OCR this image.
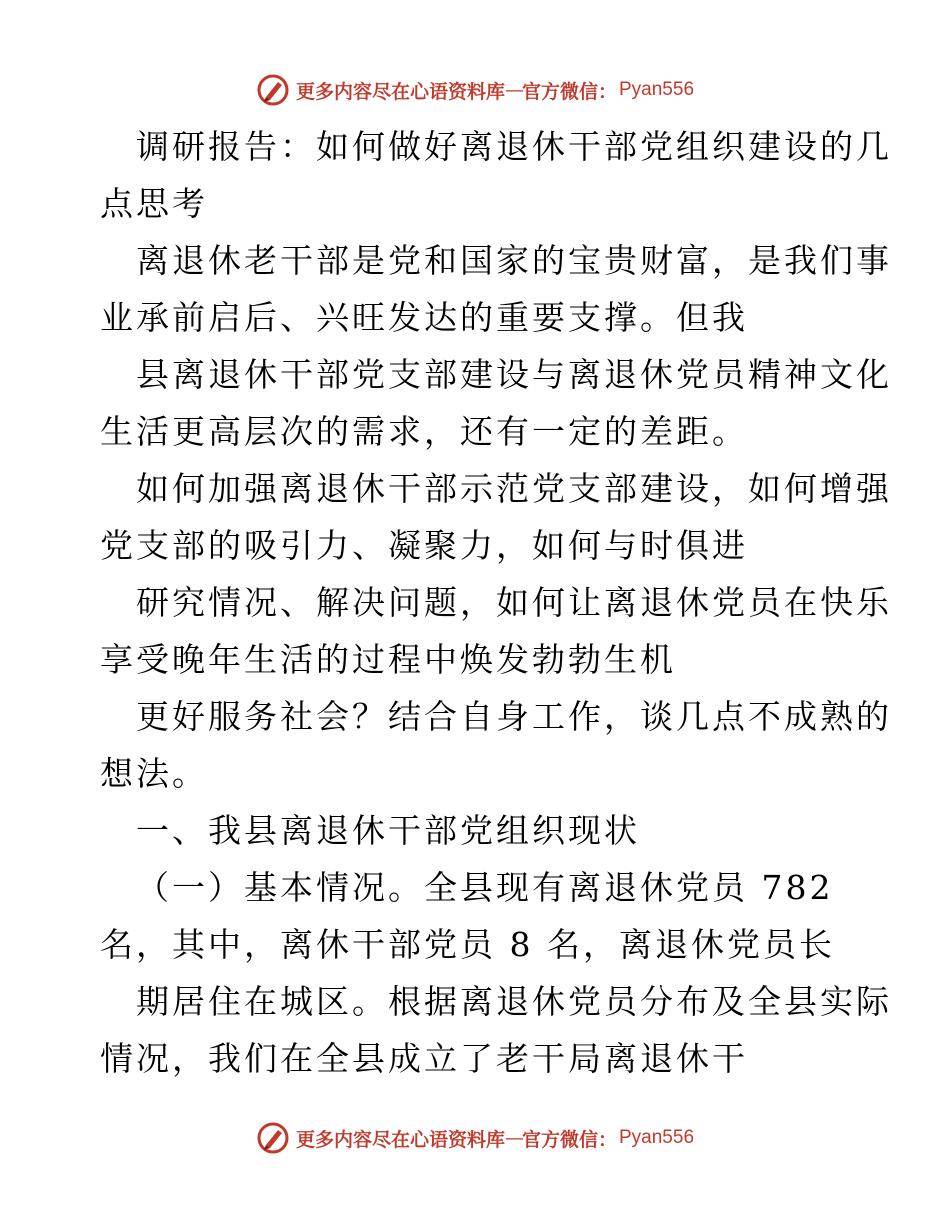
更多内容尽在心语资料库 — 官方微信： Pyan556
调研报告：如何做好离退休干部党组织建设的几
点思考
离退休老干部是党和国家的宝贵财富，是我们事
业承前启后、兴旺发达的重要支撑。但我
县离退休干部党支部建设与离退休党员精神文化
生活更高层次的需求，还有一定的差距。
如何加强离退休干部示范党支部建设，如何增强
党支部的吸引力、凝聚力，如何与时俱进
研究情况、解决问题，如何让离退休党员在快乐
享受晚年生活的过程中焕发勃勃生机
更好服务社会？结合自身工作，谈几点不成熟的
想法。
一、我县离退休干部党组织现状
（一）基本情况。全县现有离退休党员 782
名，其中，离休干部党员 8 名，离退休党员长
期居住在城区。根据离退休党员分布及全县实际
情况，我们在全县成立了老干局离退休干
更多内容尽在心语资料库 — 官方微信： Pyan556
